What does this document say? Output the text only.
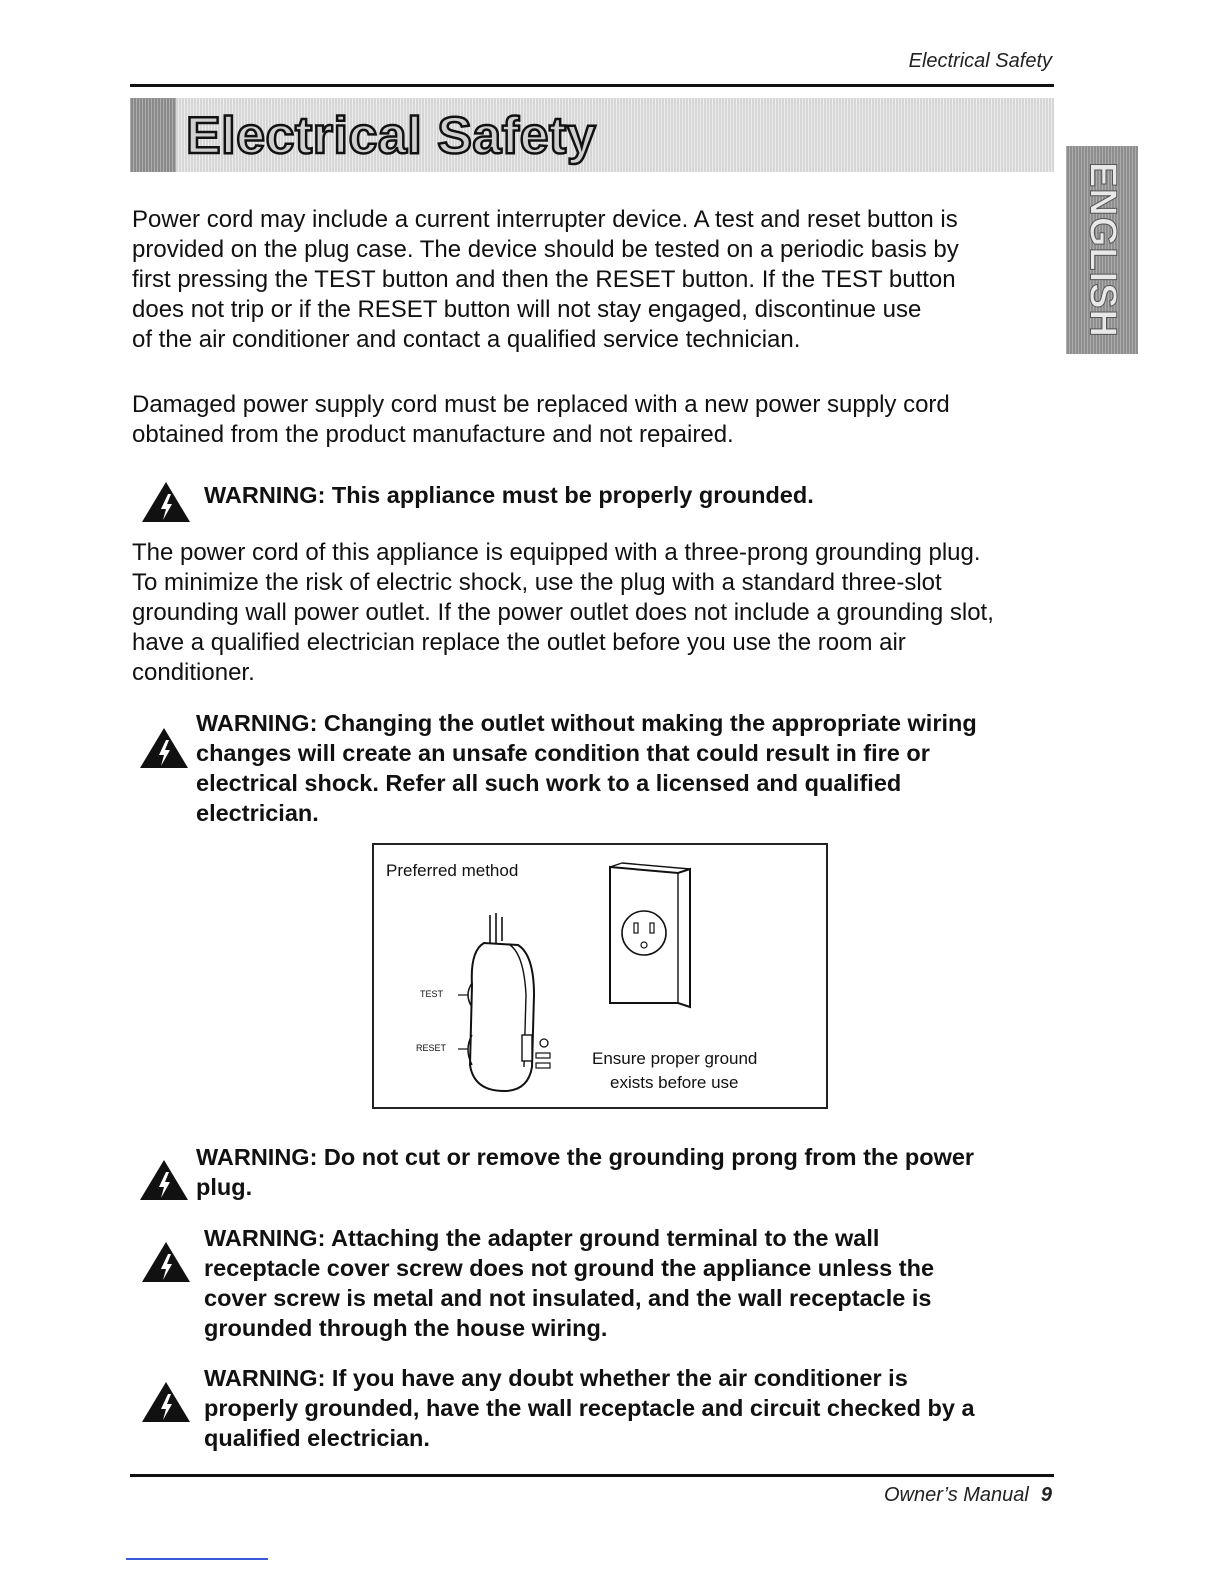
Electrical Safety
Electrical Safety
ENGLISH
Power cord may include a current interrupter device. A test and reset button is
provided on the plug case. The device should be tested on a periodic basis by
first pressing the TEST button and then the RESET button. If the TEST button
does not trip or if the RESET button will not stay engaged, discontinue use
of the air conditioner and contact a qualified service technician.
Damaged power supply cord must be replaced with a new power supply cord
obtained from the product manufacture and not repaired.
WARNING: This appliance must be properly grounded.
The power cord of this appliance is equipped with a three-prong grounding plug.
To minimize the risk of electric shock, use the plug with a standard three-slot
grounding wall power outlet. If the power outlet does not include a grounding slot,
have a qualified electrician replace the outlet before you use the room air
conditioner.
WARNING: Changing the outlet without making the appropriate wiring
changes will create an unsafe condition that could result in fire or
electrical shock. Refer all such work to a licensed and qualified
electrician.
Preferred method
TEST
RESET
Ensure proper ground
exists before use
WARNING: Do not cut or remove the grounding prong from the power
plug.
WARNING: Attaching the adapter ground terminal to the wall
receptacle cover screw does not ground the appliance unless the
cover screw is metal and not insulated, and the wall receptacle is
grounded through the house wiring.
WARNING: If you have any doubt whether the air conditioner is
properly grounded, have the wall receptacle and circuit checked by a
qualified electrician.
Owner’s Manual 9
